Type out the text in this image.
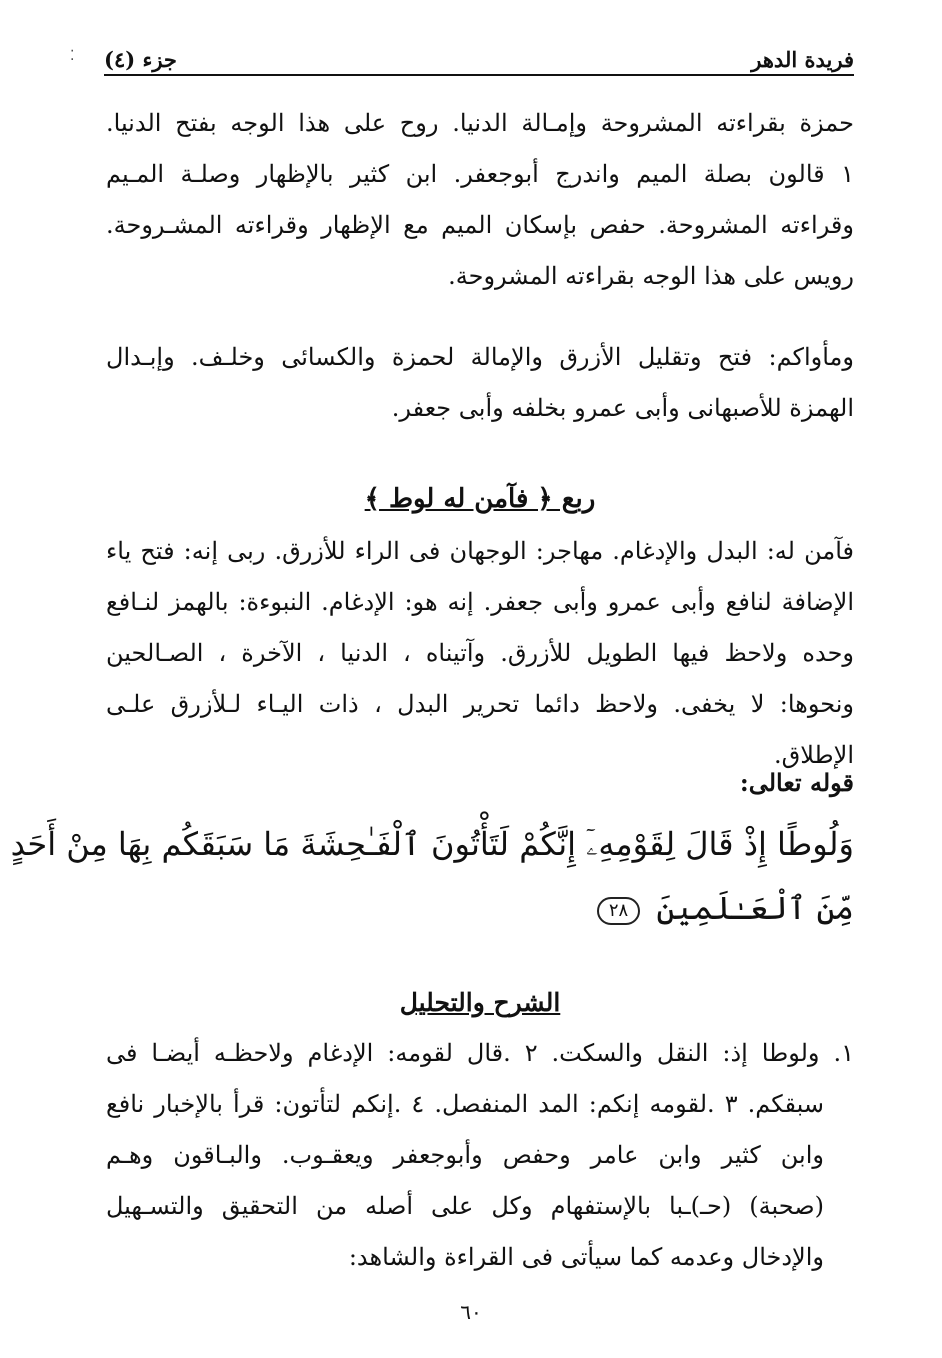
فريدة الدهر
جزء (٤)
حمزة بقراءته المشروحة وإمـالة الدنيا. روح على هذا الوجه بفتح الدنيا.
١ قالون بصلة الميم واندرج أبوجعفر. ابن كثير بالإظهار وصلـة المـيم
وقراءته المشروحة. حفص بإسكان الميم مع الإظهار وقراءته المشـروحة.
رويس على هذا الوجه بقراءته المشروحة.
ومأواكم: فتح وتقليل الأزرق والإمالة لحمزة والكسائى وخلـف. وإبـدال
الهمزة للأصبهانى وأبى عمرو بخلفه وأبى جعفر.
ربع ﴿ فآمن له لوط ﴾
فآمن له: البدل والإدغام. مهاجر: الوجهان فى الراء للأزرق. ربى إنه: فتح ياء
الإضافة لنافع وأبى عمرو وأبى جعفر. إنه هو: الإدغام. النبوءة: بالهمز لنـافع
وحده ولاحظ فيها الطويل للأزرق. وآتيناه ، الدنيا ، الآخرة ، الصـالحين
ونحوها: لا يخفى. ولاحظ دائما تحرير البدل ، ذات اليـاء لـلأزرق علـى
الإطلاق.
قوله تعالى:
وَلُوطًا إِذْ قَالَ لِقَوْمِهِۦٓ إِنَّكُمْ لَتَأْتُونَ ٱلْفَـٰحِشَةَ مَا سَبَقَكُم بِهَا مِنْ أَحَدٍ
مِّنَ ٱلْعَـٰلَمِينَ ٢٨
الشرح والتحليل
١. ولوطا إذ: النقل والسكت. ٢ .قال لقومه: الإدغام ولاحظـه أيضـا فى
سبقكم. ٣ .لقومه إنكم: المد المنفصل. ٤ .إنكم لتأتون: قرأ بالإخبار نافع
وابن كثير وابن عامر وحفص وأبوجعفر ويعقـوب. والبـاقون وهـم
(صحبة) (حـ)ـبا بالإستفهام وكل على أصله من التحقيق والتسـهيل
والإدخال وعدمه كما سيأتى فى القراءة والشاهد:
٦٠
⁚
